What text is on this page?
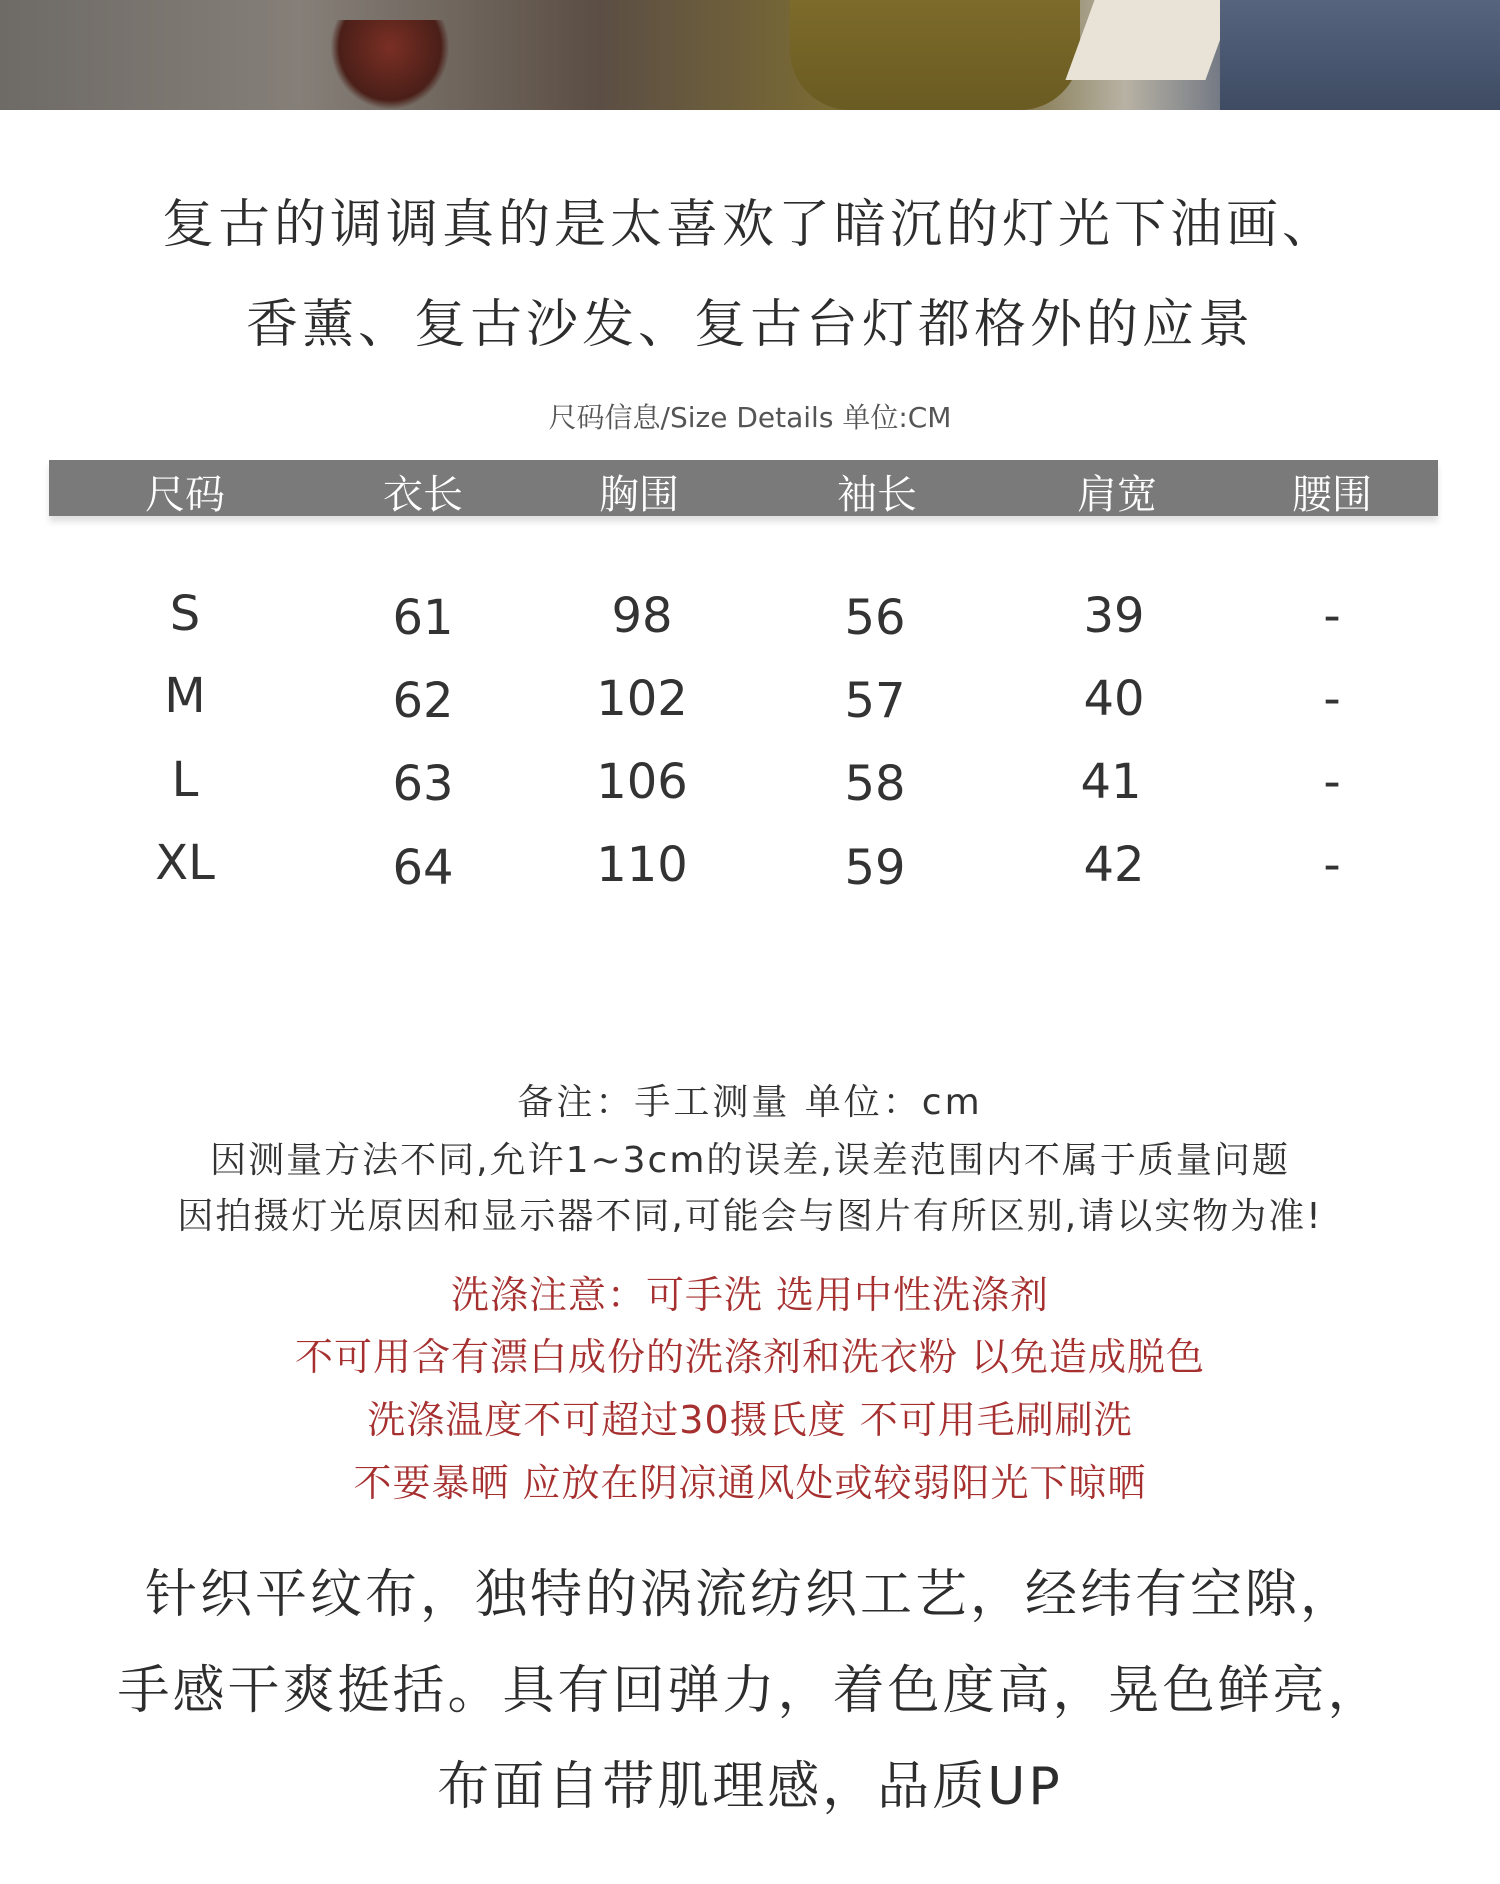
复古的调调真的是太喜欢了暗沉的灯光下油画、
香薰、复古沙发、复古台灯都格外的应景
尺码信息/Size Details 单位:CM
尺码	衣长	胸围	袖长	肩宽	腰围
S	61	98	56	39	-
M	62	102	57	40	-
L	63	106	58	41	-
XL	64	110	59	42	-
备注：手工测量 单位：cm
因测量方法不同,允许1~3cm的误差,误差范围内不属于质量问题
因拍摄灯光原因和显示器不同,可能会与图片有所区别,请以实物为准!
洗涤注意：可手洗 选用中性洗涤剂
不可用含有漂白成份的洗涤剂和洗衣粉 以免造成脱色
洗涤温度不可超过30摄氏度 不可用毛刷刷洗
不要暴晒 应放在阴凉通风处或较弱阳光下晾晒
针织平纹布，独特的涡流纺织工艺，经纬有空隙，
手感干爽挺括。具有回弹力，着色度高，晃色鲜亮，
布面自带肌理感，品质UP
